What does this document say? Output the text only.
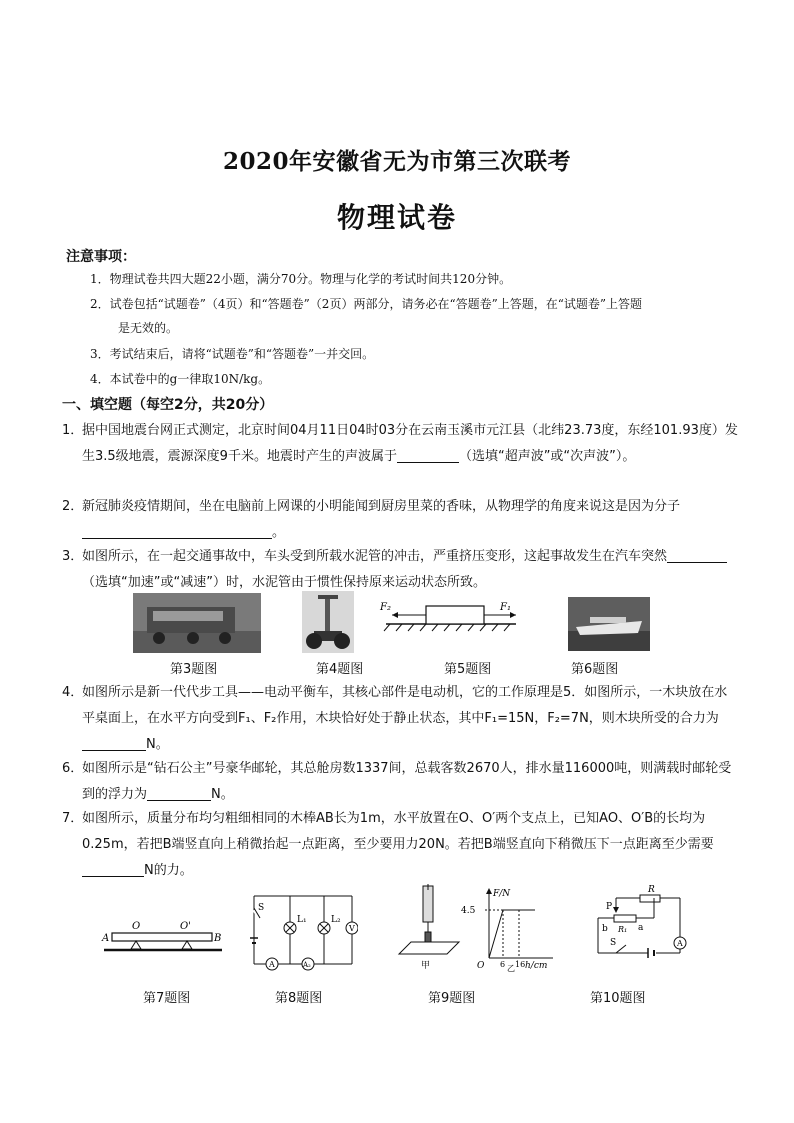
2020年安徽省无为市第三次联考
物理试卷
注意事项：
1．物理试卷共四大题22小题，满分70分。物理与化学的考试时间共120分钟。
2．试卷包括“试题卷”（4页）和“答题卷”（2页）两部分，请务必在“答题卷”上答题，在“试题卷”上答题
是无效的。
3．考试结束后，请将“试题卷”和“答题卷”一并交回。
4．本试卷中的g一律取10N/kg。
一、填空题（每空2分，共20分）
1．
据中国地震台网正式测定，北京时间04月11日04时03分在云南玉溪市元江县（北纬23.73度，东经101.93度）发生3.5级地震，震源深度9千米。地震时产生的声波属于	（选填“超声波”或“次声波”）。
2．
新冠肺炎疫情期间，坐在电脑前上网课的小明能闻到厨房里菜的香味，从物理学的角度来说这是因为分子。
3．
如图所示，在一起交通事故中，车头受到所载水泥管的冲击，严重挤压变形，这起事故发生在汽车突然（选填“加速”或“减速”）时，水泥管由于惯性保持原来运动状态所致。
F₂	F₁
第3题图	第4题图	第5题图	第6题图
4．
如图所示是新一代代步工具——电动平衡车，其核心部件是电动机，它的工作原理是5．如图所示，一木块放在水平桌面上，在水平方向受到F₁、F₂作用，木块恰好处于静止状态，其中F₁=15N，F₂=7N，则木块所受的合力为N。
6．
如图所示是“钻石公主”号豪华邮轮，其总舱房数1337间，总载客数2670人，排水量116000吨，则满载时邮轮受到的浮力为	N。
7．
如图所示，质量分布均匀粗细相同的木棒AB长为1m，水平放置在O、O′两个支点上，已知AO、O′B的长均为0.25m，若把B端竖直向上稍微抬起一点距离，至少要用力20N。若把B端竖直向下稍微压下一点距离至少需要N的力。
A
O	O'
B
S
L₁	L₂
V
A	A₂
F/N
4.5
O 6 16 h/cm
甲	乙
R
P
b R₁ a
S	A
第7题图	第8题图	第9题图	第10题图
